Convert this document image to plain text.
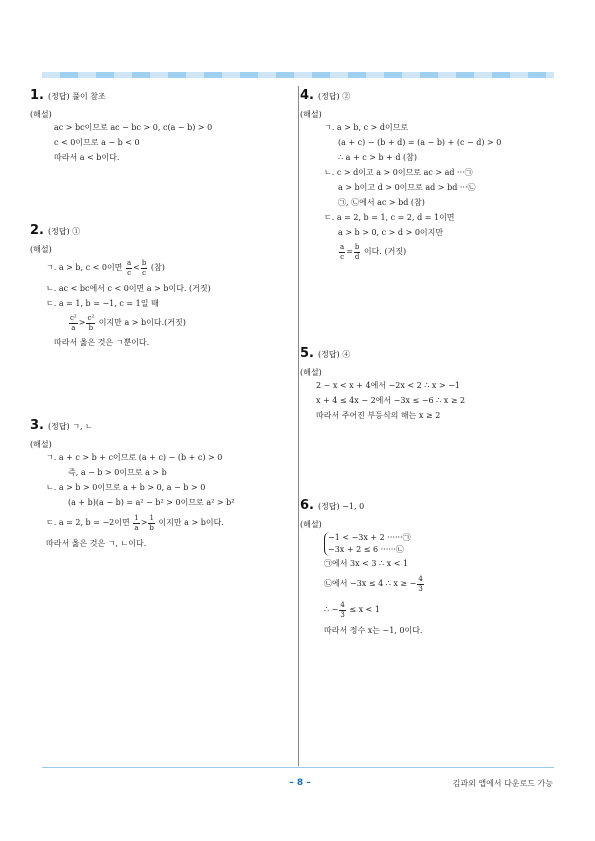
1. (정답) 풀이 참조
(해설)
ac > bc이므로 ac − bc > 0, c(a − b) > 0
c < 0이므로 a − b < 0
따라서 a < b이다.
2. (정답) ①
(해설)
ㄱ. a > b, c < 0이면 $\frac{a}{c} < \frac{b}{c}$ (참)
ㄴ. ac < bc에서 c < 0이면 a > b이다. (거짓)
ㄷ. a = 1, b = −1, c = 1일 때
$\frac{\text{c²}}{a} > \frac{\text{c²}}{b}$ 이지만 a > b이다.(거짓)
따라서 옳은 것은 ㄱ뿐이다.
3. (정답) ㄱ, ㄴ
(해설)
ㄱ. a + c > b + c이므로 (a + c) − (b + c) > 0
즉, a − b > 0이므로 a > b
ㄴ. a > b > 0이므로 a + b > 0, a − b > 0
(a + b)(a − b) = a² − b² > 0이므로 a² > b²
ㄷ. a = 2, b = −2이면 $\frac{1}{a} > \frac{1}{b}$ 이지만 a > b이다.
따라서 옳은 것은 ㄱ, ㄴ이다.
4. (정답) ②
(해설)
ㄱ. a > b, c > d이므로
(a + c) − (b + d) = (a − b) + (c − d) > 0
∴ a + c > b + d (참)
ㄴ. c > d이고 a > 0이므로 ac > ad ···㉠
a > b이고 d > 0이므로 ad > bd ···㉡
㉠, ㉡에서 ac > bd (참)
ㄷ. a = 2, b = 1, c = 2, d = 1이면
a > b > 0, c > d > 0이지만
$\frac{a}{c} = \frac{b}{d}$ 이다. (거짓)
5. (정답) ④
(해설)
2 − x < x + 4에서 −2x < 2 ∴ x > −1
x + 4 ≤ 4x − 2에서 −3x ≤ −6 ∴ x ≥ 2
따라서 주어진 부등식의 해는 x ≥ 2
6. (정답) −1, 0
(해설)
−1 < −3x + 2 ······㉠
−3x + 2 ≤ 6 ······㉡
㉠에서 3x < 3 ∴ x < 1
㉡에서 −3x ≤ 4 ∴ x ≥ − $\frac{4}{3}$
∴ − $\frac{4}{3} \le x < 1$
따라서 정수 x는 −1, 0이다.
– 8 –	김과외 앱에서 다운로드 가능
